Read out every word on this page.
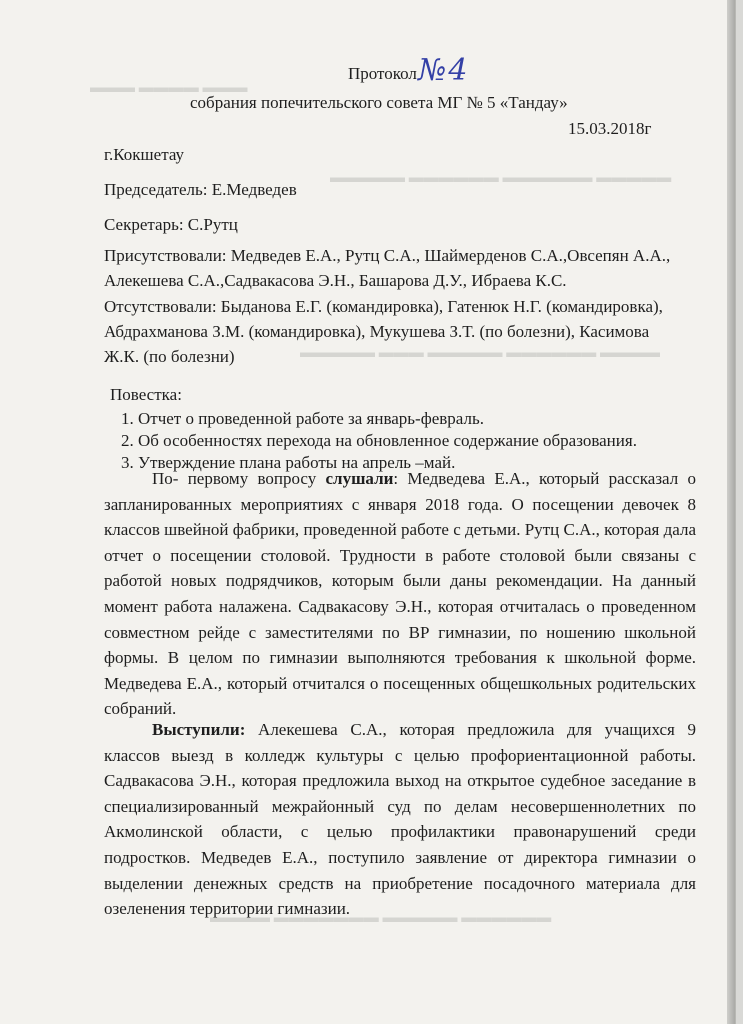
▬▬▬ ▬▬▬▬ ▬▬▬
▬▬▬▬▬ ▬▬▬▬▬▬ ▬▬▬▬▬▬ ▬▬▬▬▬
▬▬▬▬ ▬▬▬▬▬▬ ▬▬▬▬▬ ▬▬▬ ▬▬▬▬▬
▬▬▬▬▬▬ ▬▬▬▬▬ ▬▬▬▬▬▬▬ ▬▬▬▬
Протокол №4
собрания попечительского совета МГ № 5 «Тандау»
15.03.2018г
г.Кокшетау
Председатель: Е.Медведев
Секретарь: С.Рутц
Присутствовали: Медведев Е.А., Рутц С.А., Шаймерденов С.А.,Овсепян А.А.,
Алекешева С.А.,Садвакасова Э.Н., Башарова Д.У., Ибраева К.С.
Отсутствовали: Быданова Е.Г. (командировка), Гатенюк Н.Г. (командировка),
Абдрахманова З.М. (командировка), Мукушева З.Т. (по болезни), Касимова
Ж.К. (по болезни)
Повестка:
1. Отчет о проведенной работе за январь-февраль.
2. Об особенностях перехода на обновленное содержание образования.
3. Утверждение плана работы на апрель –май.
По- первому вопросу слушали: Медведева Е.А., который рассказал о запланированных мероприятиях с января 2018 года. О посещении девочек 8 классов швейной фабрики, проведенной работе с детьми. Рутц С.А., которая дала отчет о посещении столовой. Трудности в работе столовой были связаны с работой новых подрядчиков, которым были даны рекомендации. На данный момент работа налажена. Садвакасову Э.Н., которая отчиталась о проведенном совместном рейде с заместителями по ВР гимназии, по ношению школьной формы. В целом по гимназии выполняются требования к школьной форме. Медведева Е.А., который отчитался о посещенных общешкольных родительских собраний.
Выступили: Алекешева С.А., которая предложила для учащихся 9 классов выезд в колледж культуры с целью профориентационной работы. Садвакасова Э.Н., которая предложила выход на открытое судебное заседание в специализированный межрайонный суд по делам несовершеннолетних по Акмолинской области, с целью профилактики правонарушений среди подростков. Медведев Е.А., поступило заявление от директора гимназии о выделении денежных средств на приобретение посадочного материала для озеленения территории гимназии.
